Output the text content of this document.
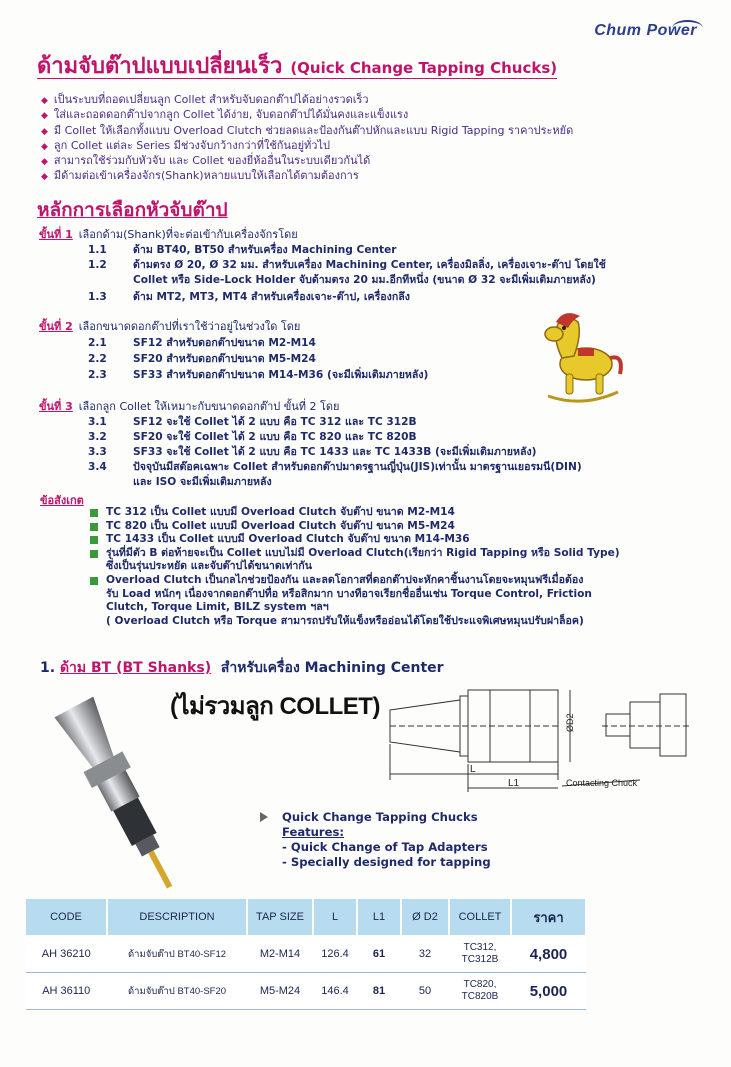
Chum Power
ด้ามจับต๊าปแบบเปลี่ยนเร็ว (Quick Change Tapping Chucks)
◆ เป็นระบบที่ถอดเปลี่ยนลูก Collet สำหรับจับดอกต๊าปได้อย่างรวดเร็ว
◆ ใส่และถอดดอกต๊าปจากลูก Collet ได้ง่าย, จับดอกต๊าปได้มั่นคงและแข็งแรง
◆ มี Collet ให้เลือกทั้งแบบ Overload Clutch ช่วยลดและป้องกันต๊าปหักและแบบ Rigid Tapping ราคาประหยัด
◆ ลูก Collet แต่ละ Series มีช่วงจับกว้างกว่าที่ใช้กันอยู่ทั่วไป
◆ สามารถใช้ร่วมกับหัวจับ และ Collet ของยี่ห้ออื่นในระบบเดียวกันได้
◆ มีด้ามต่อเข้าเครื่องจักร(Shank)หลายแบบให้เลือกได้ตามต้องการ
หลักการเลือกหัวจับต๊าป
ขั้นที่ 1 เลือกด้าม(Shank)ที่จะต่อเข้ากับเครื่องจักรโดย
1.1 ด้าม BT40, BT50 สำหรับเครื่อง Machining Center
1.2 ด้ามตรง Ø 20, Ø 32 มม. สำหรับเครื่อง Machining Center, เครื่องมิลลิ่ง, เครื่องเจาะ-ต๊าป โดยใช้
Collet หรือ Side-Lock Holder จับด้ามตรง 20 มม.อีกทีหนึ่ง (ขนาด Ø 32 จะมีเพิ่มเติมภายหลัง)
1.3 ด้าม MT2, MT3, MT4 สำหรับเครื่องเจาะ-ต๊าป, เครื่องกลึง
ขั้นที่ 2 เลือกขนาดดอกต๊าปที่เราใช้ว่าอยู่ในช่วงใด โดย
2.1 SF12 สำหรับดอกต๊าปขนาด M2-M14
2.2 SF20 สำหรับดอกต๊าปขนาด M5-M24
2.3 SF33 สำหรับดอกต๊าปขนาด M14-M36 (จะมีเพิ่มเติมภายหลัง)
ขั้นที่ 3 เลือกลูก Collet ให้เหมาะกับขนาดดอกต๊าป ขั้นที่ 2 โดย
3.1 SF12 จะใช้ Collet ได้ 2 แบบ คือ TC 312 และ TC 312B
3.2 SF20 จะใช้ Collet ได้ 2 แบบ คือ TC 820 และ TC 820B
3.3 SF33 จะใช้ Collet ได้ 2 แบบ คือ TC 1433 และ TC 1433B (จะมีเพิ่มเติมภายหลัง)
3.4 ปัจจุบันมีสต๊อคเฉพาะ Collet สำหรับดอกต๊าปมาตรฐานญี่ปุ่น(JIS)เท่านั้น มาตรฐานเยอรมนี(DIN)
และ ISO จะมีเพิ่มเติมภายหลัง
ข้อสังเกต
TC 312 เป็น Collet แบบมี Overload Clutch จับต๊าป ขนาด M2-M14
TC 820 เป็น Collet แบบมี Overload Clutch จับต๊าป ขนาด M5-M24
TC 1433 เป็น Collet แบบมี Overload Clutch จับต๊าป ขนาด M14-M36
รุ่นที่มีตัว B ต่อท้ายจะเป็น Collet แบบไม่มี Overload Clutch(เรียกว่า Rigid Tapping หรือ Solid Type)
ซึ่งเป็นรุ่นประหยัด และจับต๊าปได้ขนาดเท่ากัน
Overload Clutch เป็นกลไกช่วยป้องกัน และลดโอกาสที่ดอกต๊าปจะหักคาชิ้นงานโดยจะหมุนฟรีเมื่อต้อง
รับ Load หนักๆ เนื่องจากดอกต๊าปทื่อ หรือสิกมาก บางทีอาจเรียกชื่ออื่นเช่น Torque Control, Friction
Clutch, Torque Limit, BILZ system ฯลฯ
( Overload Clutch หรือ Torque สามารถปรับให้แข็งหรืออ่อนได้โดยใช้ประแจพิเศษหมุนปรับฝาล็อค)
1. ด้าม BT (BT Shanks) สำหรับเครื่อง Machining Center
(ไม่รวมลูก COLLET)
ØD2
L
L1	Contacting Chuck
Quick Change Tapping Chucks
Features:
- Quick Change of Tap Adapters
- Specially designed for tapping
CODE	DESCRIPTION	TAP SIZE	L	L1	Ø D2	COLLET	ราคา
AH 36210	ด้ามจับต๊าป BT40-SF12	M2-M14	126.4	61	32	TC312,
TC312B	4,800
AH 36110	ด้ามจับต๊าป BT40-SF20	M5-M24	146.4	81	50	TC820,
TC820B	5,000
